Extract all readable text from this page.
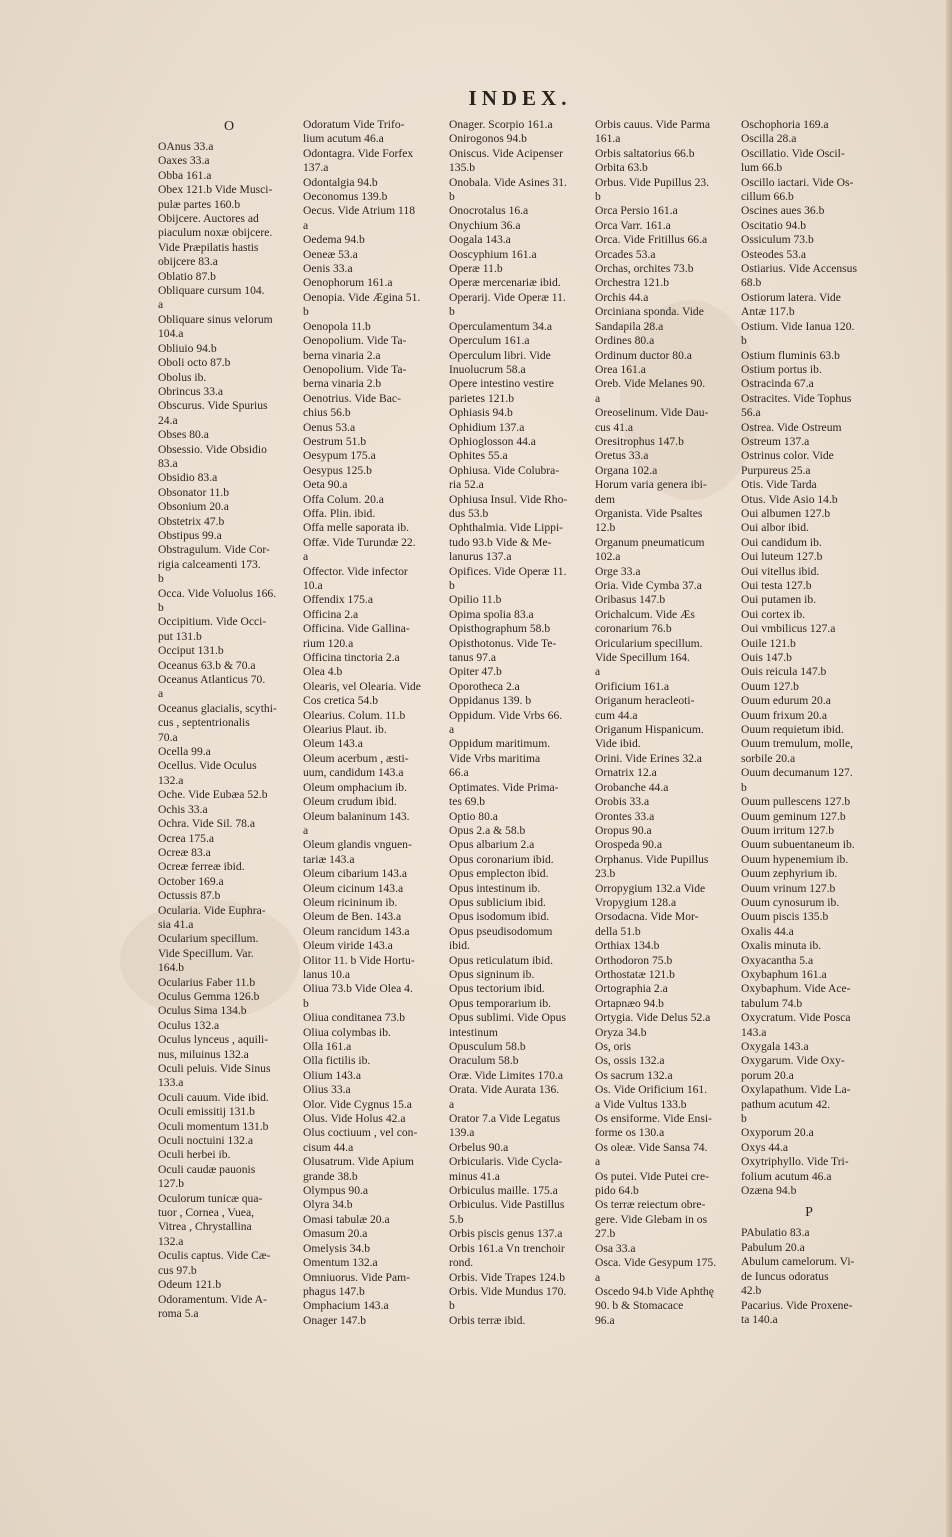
INDEX.
O
OAnus 33.a
Oaxes 33.a
Obba 161.a
Obex 121.b Vide Musci-
pulæ partes 160.b
Obijcere. Auctores ad
piaculum noxæ obijcere.
Vide Præpilatis hastis
obijcere 83.a
Oblatio 87.b
Obliquare cursum 104.
a
Obliquare sinus velorum
104.a
Obliuio 94.b
Oboli octo 87.b
Obolus ib.
Obrincus 33.a
Obscurus. Vide Spurius
24.a
Obses 80.a
Obsessio. Vide Obsidio
83.a
Obsidio 83.a
Obsonator 11.b
Obsonium 20.a
Obstetrix 47.b
Obstipus 99.a
Obstragulum. Vide Cor-
rigia calceamenti 173.
b
Occa. Vide Voluolus 166.
b
Occipitium. Vide Occi-
put 131.b
Occiput 131.b
Oceanus 63.b & 70.a
Oceanus Atlanticus 70.
a
Oceanus glacialis, scythi-
cus , septentrionalis
70.a
Ocella 99.a
Ocellus. Vide Oculus
132.a
Oche. Vide Eubæa 52.b
Ochis 33.a
Ochra. Vide Sil. 78.a
Ocrea 175.a
Ocreæ 83.a
Ocreæ ferreæ ibid.
October 169.a
Octussis 87.b
Ocularia. Vide Euphra-
sia 41.a
Ocularium specillum.
Vide Specillum. Var.
164.b
Ocularius Faber 11.b
Oculus Gemma 126.b
Oculus Sima 134.b
Oculus 132.a
Oculus lynceus , aquili-
nus, miluinus 132.a
Oculi peluis. Vide Sinus
133.a
Oculi cauum. Vide ibid.
Oculi emissitij 131.b
Oculi momentum 131.b
Oculi noctuini 132.a
Oculi herbei ib.
Oculi caudæ pauonis
127.b
Oculorum tunicæ qua-
tuor , Cornea , Vuea,
Vitrea , Chrystallina
132.a
Oculis captus. Vide Cæ-
cus 97.b
Odeum 121.b
Odoramentum. Vide A-
roma 5.a
Odoratum Vide Trifo-
lium acutum 46.a
Odontagra. Vide Forfex
137.a
Odontalgia 94.b
Oeconomus 139.b
Oecus. Vide Atrium 118
a
Oedema 94.b
Oeneæ 53.a
Oenis 33.a
Oenophorum 161.a
Oenopia. Vide Ægina 51.
b
Oenopola 11.b
Oenopolium. Vide Ta-
berna vinaria 2.a
Oenopolium. Vide Ta-
berna vinaria 2.b
Oenotrius. Vide Bac-
chius 56.b
Oenus 53.a
Oestrum 51.b
Oesypum 175.a
Oesypus 125.b
Oeta 90.a
Offa Colum. 20.a
Offa. Plin. ibid.
Offa melle saporata ib.
Offæ. Vide Turundæ 22.
a
Offector. Vide infector
10.a
Offendix 175.a
Officina 2.a
Officina. Vide Gallina-
rium 120.a
Officina tinctoria 2.a
Olea 4.b
Olearis, vel Olearia. Vide
Cos cretica 54.b
Olearius. Colum. 11.b
Olearius Plaut. ib.
Oleum 143.a
Oleum acerbum , æsti-
uum, candidum 143.a
Oleum omphacium ib.
Oleum crudum ibid.
Oleum balaninum 143.
a
Oleum glandis vnguen-
tariæ 143.a
Oleum cibarium 143.a
Oleum cicinum 143.a
Oleum ricininum ib.
Oleum de Ben. 143.a
Oleum rancidum 143.a
Oleum viride 143.a
Olitor 11. b Vide Hortu-
lanus 10.a
Oliua 73.b Vide Olea 4.
b
Oliua conditanea 73.b
Oliua colymbas ib.
Olla 161.a
Olla fictilis ib.
Olium 143.a
Olius 33.a
Olor. Vide Cygnus 15.a
Olus. Vide Holus 42.a
Olus coctiuum , vel con-
cisum 44.a
Olusatrum. Vide Apium
grande 38.b
Olympus 90.a
Olyra 34.b
Omasi tabulæ 20.a
Omasum 20.a
Omelysis 34.b
Omentum 132.a
Omniuorus. Vide Pam-
phagus 147.b
Omphacium 143.a
Onager 147.b
Onager. Scorpio 161.a
Onirogonos 94.b
Oniscus. Vide Acipenser
135.b
Onobala. Vide Asines 31.
b
Onocrotalus 16.a
Onychium 36.a
Oogala 143.a
Ooscyphium 161.a
Operæ 11.b
Operæ mercenariæ ibid.
Operarij. Vide Operæ 11.
b
Operculamentum 34.a
Operculum 161.a
Operculum libri. Vide
Inuolucrum 58.a
Opere intestino vestire
parietes 121.b
Ophiasis 94.b
Ophidium 137.a
Ophioglosson 44.a
Ophites 55.a
Ophiusa. Vide Colubra-
ria 52.a
Ophiusa Insul. Vide Rho-
dus 53.b
Ophthalmia. Vide Lippi-
tudo 93.b Vide & Me-
lanurus 137.a
Opifices. Vide Operæ 11.
b
Opilio 11.b
Opima spolia 83.a
Opisthographum 58.b
Opisthotonus. Vide Te-
tanus 97.a
Opiter 47.b
Oporotheca 2.a
Oppidanus 139. b
Oppidum. Vide Vrbs 66.
a
Oppidum maritimum.
Vide Vrbs maritima
66.a
Optimates. Vide Prima-
tes 69.b
Optio 80.a
Opus 2.a & 58.b
Opus albarium 2.a
Opus coronarium ibid.
Opus emplecton ibid.
Opus intestinum ib.
Opus sublicium ibid.
Opus isodomum ibid.
Opus pseudisodomum
ibid.
Opus reticulatum ibid.
Opus signinum ib.
Opus tectorium ibid.
Opus temporarium ib.
Opus sublimi. Vide Opus
intestinum
Opusculum 58.b
Oraculum 58.b
Oræ. Vide Limites 170.a
Orata. Vide Aurata 136.
a
Orator 7.a Vide Legatus
139.a
Orbelus 90.a
Orbicularis. Vide Cycla-
minus 41.a
Orbiculus maille. 175.a
Orbiculus. Vide Pastillus
5.b
Orbis piscis genus 137.a
Orbis 161.a Vn trenchoir
rond.
Orbis. Vide Trapes 124.b
Orbis. Vide Mundus 170.
b
Orbis terræ ibid.
Orbis cauus. Vide Parma
161.a
Orbis saltatorius 66.b
Orbita 63.b
Orbus. Vide Pupillus 23.
b
Orca Persio 161.a
Orca Varr. 161.a
Orca. Vide Fritillus 66.a
Orcades 53.a
Orchas, orchites 73.b
Orchestra 121.b
Orchis 44.a
Orciniana sponda. Vide
Sandapila 28.a
Ordines 80.a
Ordinum ductor 80.a
Orea 161.a
Oreb. Vide Melanes 90.
a
Oreoselinum. Vide Dau-
cus 41.a
Oresitrophus 147.b
Oretus 33.a
Organa 102.a
Horum varia genera ibi-
dem
Organista. Vide Psaltes
12.b
Organum pneumaticum
102.a
Orge 33.a
Oria. Vide Cymba 37.a
Oribasus 147.b
Orichalcum. Vide Æs
coronarium 76.b
Oricularium specillum.
Vide Specillum 164.
a
Orificium 161.a
Origanum heracleoti-
cum 44.a
Origanum Hispanicum.
Vide ibid.
Orini. Vide Erines 32.a
Ornatrix 12.a
Orobanche 44.a
Orobis 33.a
Orontes 33.a
Oropus 90.a
Orospeda 90.a
Orphanus. Vide Pupillus
23.b
Orropygium 132.a Vide
Vropygium 128.a
Orsodacna. Vide Mor-
della 51.b
Orthiax 134.b
Orthodoron 75.b
Orthostatæ 121.b
Ortographia 2.a
Ortapnæo 94.b
Ortygia. Vide Delus 52.a
Oryza 34.b
Os, oris
Os, ossis 132.a
Os sacrum 132.a
Os. Vide Orificium 161.
a Vide Vultus 133.b
Os ensiforme. Vide Ensi-
forme os 130.a
Os oleæ. Vide Sansa 74.
a
Os putei. Vide Putei cre-
pido 64.b
Os terræ reiectum obre-
gere. Vide Glebam in os
27.b
Osa 33.a
Osca. Vide Gesypum 175.
a
Oscedo 94.b Vide Aphthę
90. b & Stomacace
96.a
Oschophoria 169.a
Oscilla 28.a
Oscillatio. Vide Oscil-
lum 66.b
Oscillo iactari. Vide Os-
cillum 66.b
Oscines aues 36.b
Oscitatio 94.b
Ossiculum 73.b
Osteodes 53.a
Ostiarius. Vide Accensus
68.b
Ostiorum latera. Vide
Antæ 117.b
Ostium. Vide Ianua 120.
b
Ostium fluminis 63.b
Ostium portus ib.
Ostracinda 67.a
Ostracites. Vide Tophus
56.a
Ostrea. Vide Ostreum
Ostreum 137.a
Ostrinus color. Vide
Purpureus 25.a
Otis. Vide Tarda
Otus. Vide Asio 14.b
Oui albumen 127.b
Oui albor ibid.
Oui candidum ib.
Oui luteum 127.b
Oui vitellus ibid.
Oui testa 127.b
Oui putamen ib.
Oui cortex ib.
Oui vmbilicus 127.a
Ouile 121.b
Ouis 147.b
Ouis reicula 147.b
Ouum 127.b
Ouum edurum 20.a
Ouum frixum 20.a
Ouum requietum ibid.
Ouum tremulum, molle,
sorbile 20.a
Ouum decumanum 127.
b
Ouum pullescens 127.b
Ouum geminum 127.b
Ouum irritum 127.b
Ouum subuentaneum ib.
Ouum hypenemium ib.
Ouum zephyrium ib.
Ouum vrinum 127.b
Ouum cynosurum ib.
Ouum piscis 135.b
Oxalis 44.a
Oxalis minuta ib.
Oxyacantha 5.a
Oxybaphum 161.a
Oxybaphum. Vide Ace-
tabulum 74.b
Oxycratum. Vide Posca
143.a
Oxygala 143.a
Oxygarum. Vide Oxy-
porum 20.a
Oxylapathum. Vide La-
pathum acutum 42.
b
Oxyporum 20.a
Oxys 44.a
Oxytriphyllo. Vide Tri-
folium acutum 46.a
Ozæna 94.b
P
PAbulatio 83.a
Pabulum 20.a
Abulum camelorum. Vi-
de Iuncus odoratus
42.b
Pacarius. Vide Proxene-
ta 140.a
